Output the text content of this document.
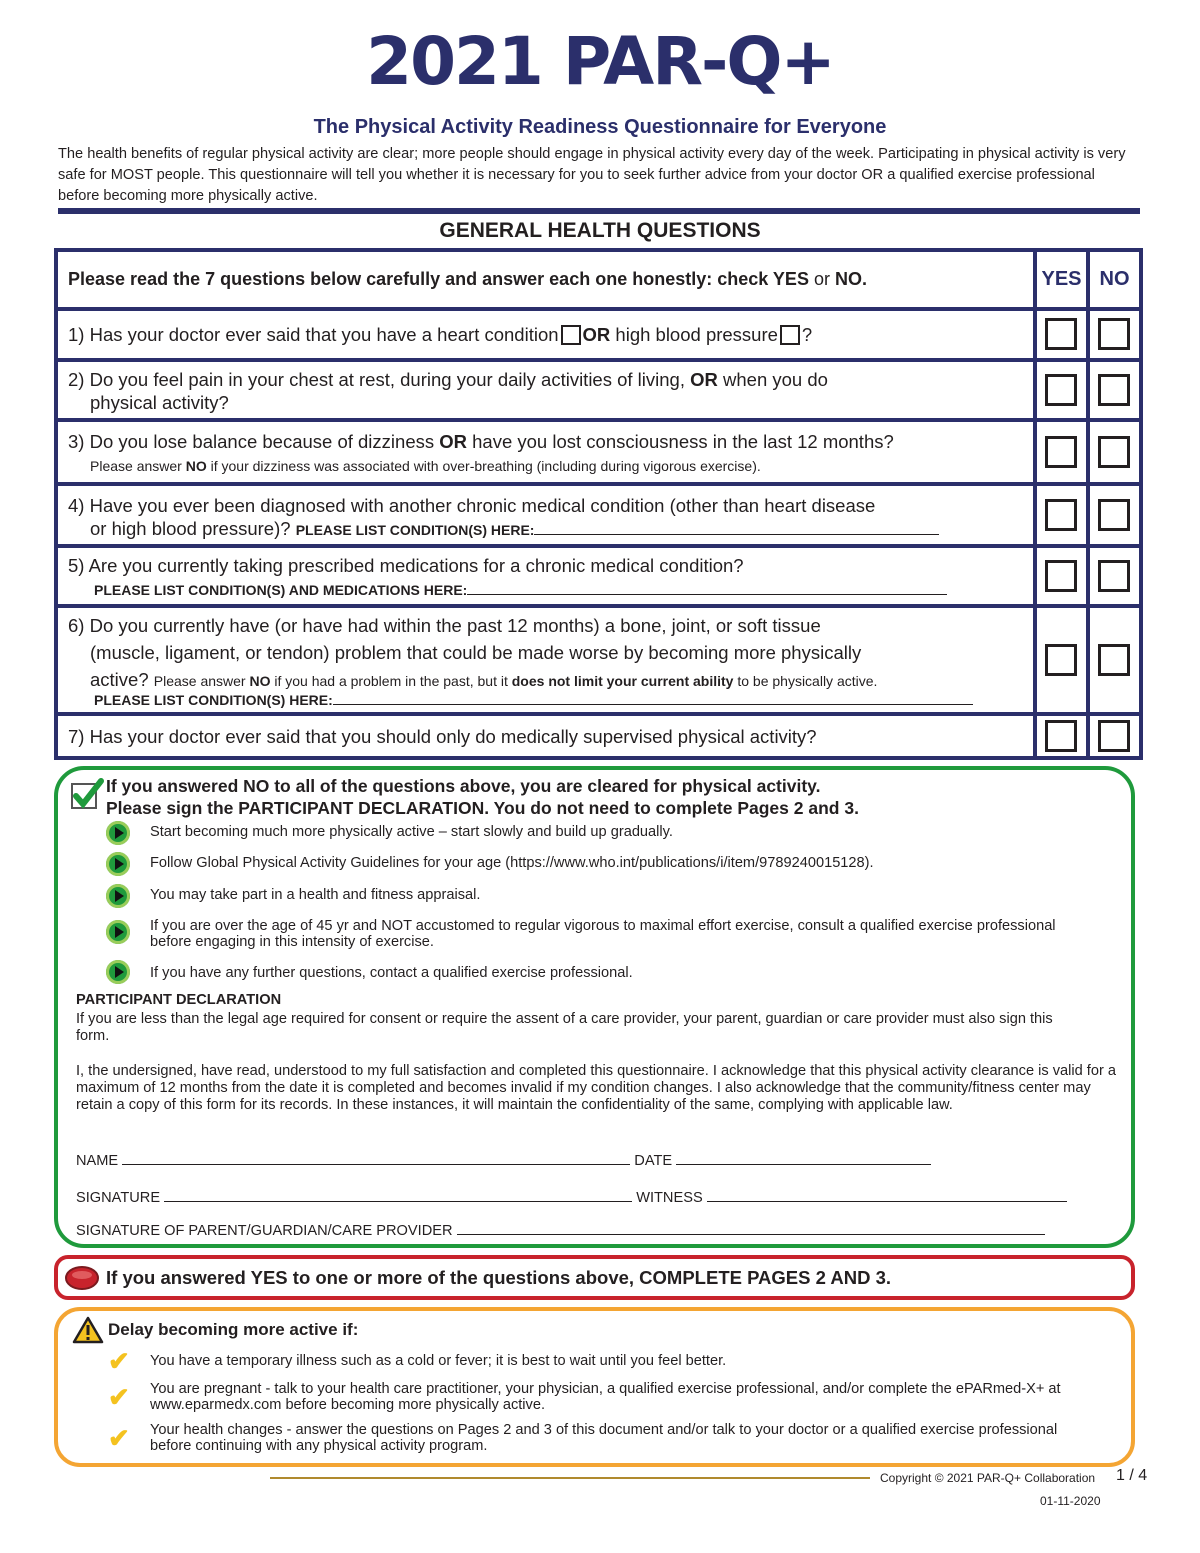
2021 PAR-Q+
The Physical Activity Readiness Questionnaire for Everyone
The health benefits of regular physical activity are clear; more people should engage in physical activity every day of the week. Participating in physical activity is very safe for MOST people. This questionnaire will tell you whether it is necessary for you to seek further advice from your doctor OR a qualified exercise professional before becoming more physically active.
GENERAL HEALTH QUESTIONS
Please read the 7 questions below carefully and answer each one honestly: check YES or NO.	YES NO
1) Has your doctor ever said that you have a heart condition OR high blood pressure ?
2) Do you feel pain in your chest at rest, during your daily activities of living, OR when you do
physical activity?
3) Do you lose balance because of dizziness OR have you lost consciousness in the last 12 months?
Please answer NO if your dizziness was associated with over-breathing (including during vigorous exercise).
4) Have you ever been diagnosed with another chronic medical condition (other than heart disease
or high blood pressure)? PLEASE LIST CONDITION(S) HERE:
5) Are you currently taking prescribed medications for a chronic medical condition?
PLEASE LIST CONDITION(S) AND MEDICATIONS HERE:
6) Do you currently have (or have had within the past 12 months) a bone, joint, or soft tissue
(muscle, ligament, or tendon) problem that could be made worse by becoming more physically
active? Please answer NO if you had a problem in the past, but it does not limit your current ability to be physically active.
PLEASE LIST CONDITION(S) HERE:
7) Has your doctor ever said that you should only do medically supervised physical activity?
If you answered NO to all of the questions above, you are cleared for physical activity.
Please sign the PARTICIPANT DECLARATION. You do not need to complete Pages 2 and 3.
Start becoming much more physically active – start slowly and build up gradually.
Follow Global Physical Activity Guidelines for your age (https://www.who.int/publications/i/item/9789240015128).
You may take part in a health and fitness appraisal.
If you are over the age of 45 yr and NOT accustomed to regular vigorous to maximal effort exercise, consult a qualified exercise professional before engaging in this intensity of exercise.
If you have any further questions, contact a qualified exercise professional.
PARTICIPANT DECLARATION
If you are less than the legal age required for consent or require the assent of a care provider, your parent, guardian or care provider must also sign this form.
I, the undersigned, have read, understood to my full satisfaction and completed this questionnaire. I acknowledge that this physical activity clearance is valid for a maximum of 12 months from the date it is completed and becomes invalid if my condition changes. I also acknowledge that the community/fitness center may retain a copy of this form for its records. In these instances, it will maintain the confidentiality of the same, complying with applicable law.
NAME	DATE
SIGNATURE	WITNESS
SIGNATURE OF PARENT/GUARDIAN/CARE PROVIDER
If you answered YES to one or more of the questions above, COMPLETE PAGES 2 AND 3.
Delay becoming more active if:
✔ You have a temporary illness such as a cold or fever; it is best to wait until you feel better.
✔ You are pregnant - talk to your health care practitioner, your physician, a qualified exercise professional, and/or complete the ePARmed-X+ at www.eparmedx.com before becoming more physically active.
✔ Your health changes - answer the questions on Pages 2 and 3 of this document and/or talk to your doctor or a qualified exercise professional before continuing with any physical activity program.
Copyright © 2021 PAR-Q+ Collaboration 1 / 4
01-11-2020
